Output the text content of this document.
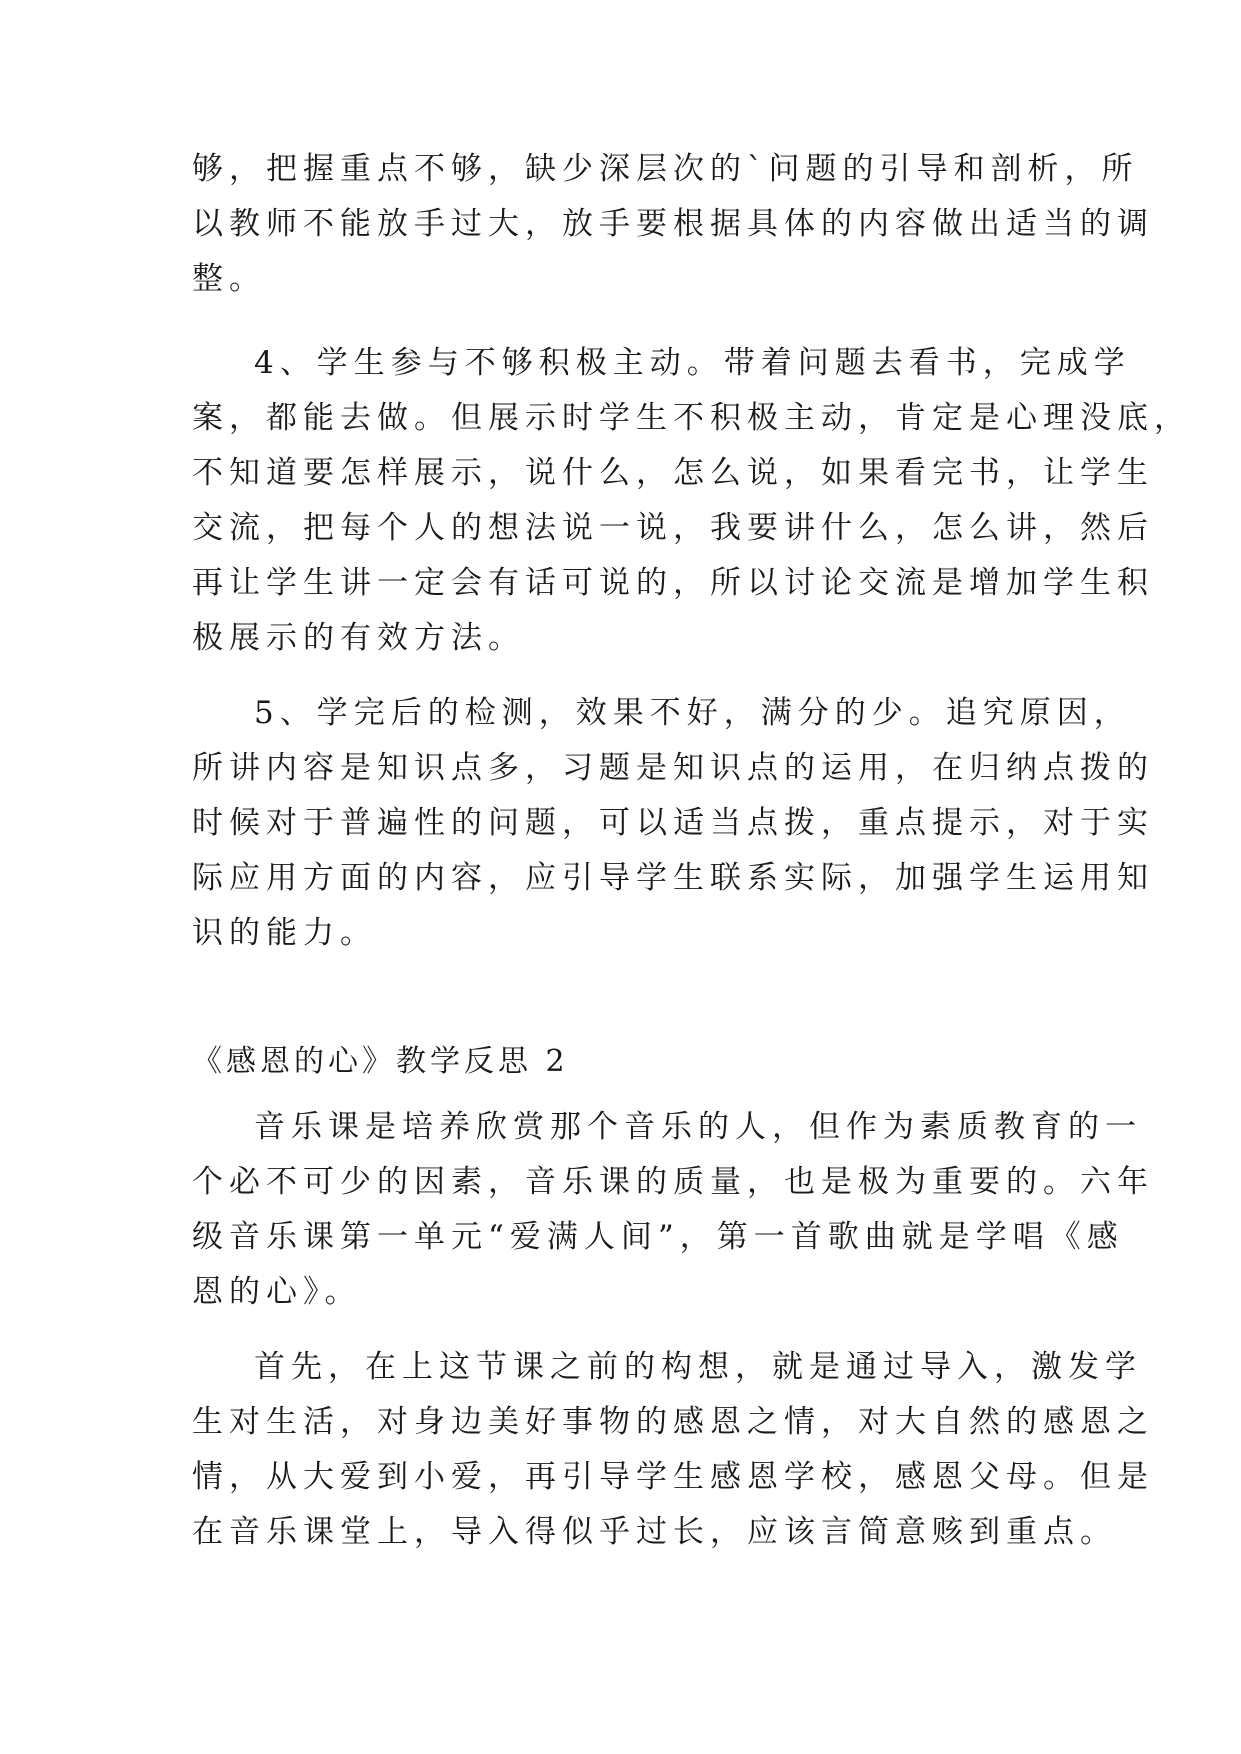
够，把握重点不够，缺少深层次的`问题的引导和剖析，所
以教师不能放手过大，放手要根据具体的内容做出适当的调
整。
4、学生参与不够积极主动。带着问题去看书，完成学
案，都能去做。但展示时学生不积极主动，肯定是心理没底，
不知道要怎样展示，说什么，怎么说，如果看完书，让学生
交流，把每个人的想法说一说，我要讲什么，怎么讲，然后
再让学生讲一定会有话可说的，所以讨论交流是增加学生积
极展示的有效方法。
5、学完后的检测，效果不好，满分的少。追究原因，
所讲内容是知识点多，习题是知识点的运用，在归纳点拨的
时候对于普遍性的问题，可以适当点拨，重点提示，对于实
际应用方面的内容，应引导学生联系实际，加强学生运用知
识的能力。
《感恩的心》教学反思 2
音乐课是培养欣赏那个音乐的人，但作为素质教育的一
个必不可少的因素，音乐课的质量，也是极为重要的。六年
级音乐课第一单元“爱满人间”，第一首歌曲就是学唱《感
恩的心》。
首先，在上这节课之前的构想，就是通过导入，激发学
生对生活，对身边美好事物的感恩之情，对大自然的感恩之
情，从大爱到小爱，再引导学生感恩学校，感恩父母。但是
在音乐课堂上，导入得似乎过长，应该言简意赅到重点。
